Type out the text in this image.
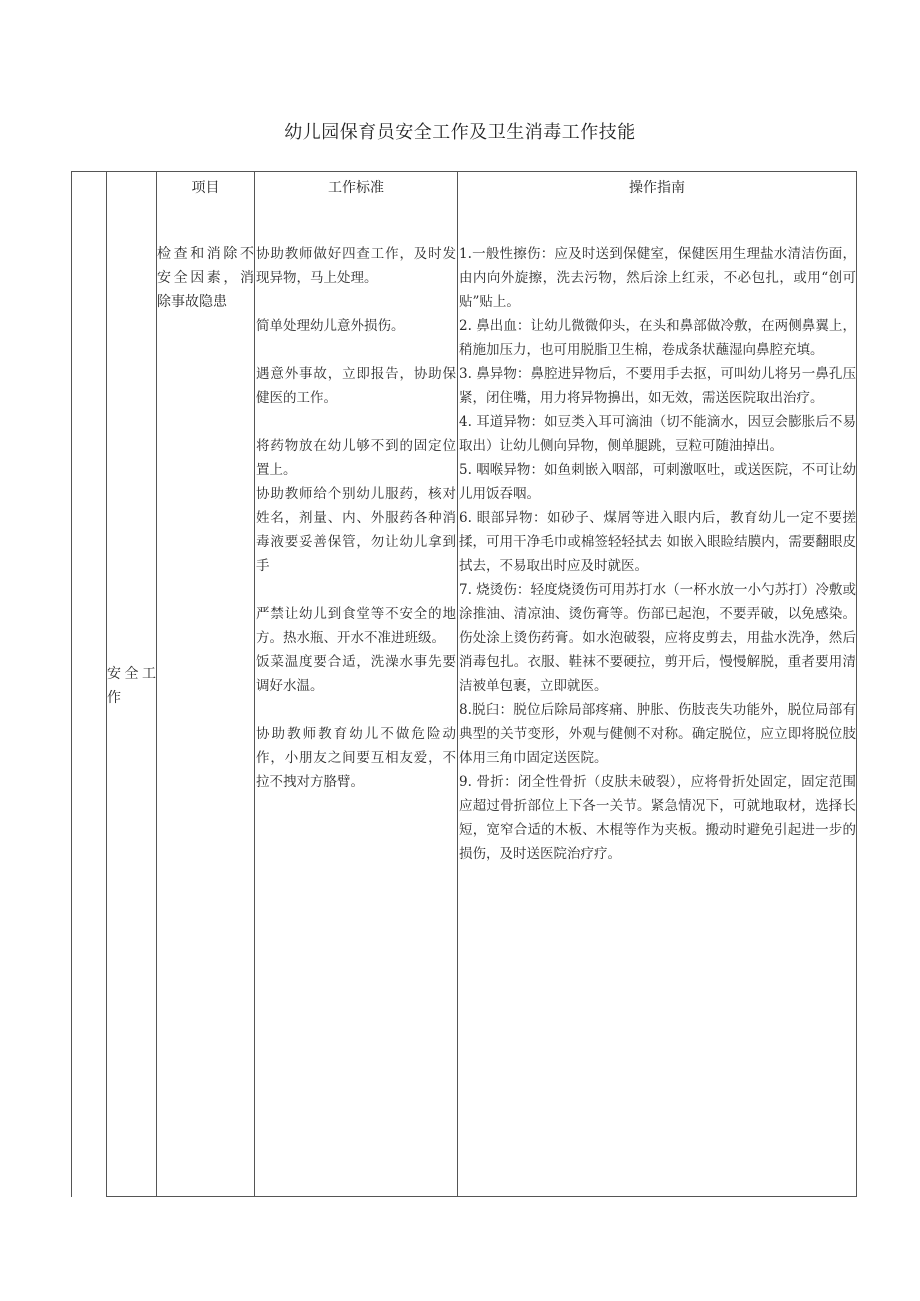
幼儿园保育员安全工作及卫生消毒工作技能
项目	工作标准	操作指南
安全工作
检查和消除不安全因素，消除事故隐患

协助教师做好四查工作，及时发现异物，马上处理。

简单处理幼儿意外损伤。

遇意外事故，立即报告，协助保健医的工作。

将药物放在幼儿够不到的固定位置上。

协助教师给个别幼儿服药，核对姓名，剂量、内、外服药各种消毒液要妥善保管，勿让幼儿拿到手

严禁让幼儿到食堂等不安全的地方。热水瓶、开水不准进班级。

饭菜温度要合适，洗澡水事先要调好水温。

协助教师教育幼儿不做危险动作，小朋友之间要互相友爱，不拉不拽对方胳臂。

1.一般性擦伤：应及时送到保健室，保健医用生理盐水清洁伤面，由内向外旋擦，洗去污物，然后涂上红汞，不必包扎，或用“创可贴”贴上。

2. 鼻出血：让幼儿微微仰头，在头和鼻部做冷敷，在两侧鼻翼上，稍施加压力，也可用脱脂卫生棉，卷成条状蘸湿向鼻腔充填。

3. 鼻异物：鼻腔进异物后，不要用手去抠，可叫幼儿将另一鼻孔压紧，闭住嘴，用力将异物擤出，如无效，需送医院取出治疗。

4. 耳道异物：如豆类入耳可滴油（切不能滴水，因豆会膨胀后不易取出）让幼儿侧向异物，侧单腿跳，豆粒可随油掉出。

5. 咽喉异物：如鱼刺嵌入咽部，可刺激呕吐，或送医院，不可让幼儿用饭吞咽。

6. 眼部异物：如砂子、煤屑等进入眼内后，教育幼儿一定不要搓揉，可用干净毛巾或棉签轻轻拭去 如嵌入眼睑结膜内，需要翻眼皮拭去，不易取出时应及时就医。

7. 烧烫伤：轻度烧烫伤可用苏打水（一杯水放一小勺苏打）冷敷或涂推油、清凉油、烫伤膏等。伤部已起泡，不要弄破，以免感染。伤处涂上烫伤药膏。如水泡破裂，应将皮剪去，用盐水洗净，然后消毒包扎。衣服、鞋袜不要硬拉，剪开后，慢慢解脱，重者要用清洁被单包裹，立即就医。

8.脱臼：脱位后除局部疼痛、肿胀、伤肢丧失功能外，脱位局部有典型的关节变形，外观与健侧不对称。确定脱位，应立即将脱位肢体用三角巾固定送医院。

9. 骨折：闭全性骨折（皮肤未破裂），应将骨折处固定，固定范围应超过骨折部位上下各一关节。紧急情况下，可就地取材，选择长短，宽窄合适的木板、木棍等作为夹板。搬动时避免引起进一步的损伤，及时送医院治疗疗。
